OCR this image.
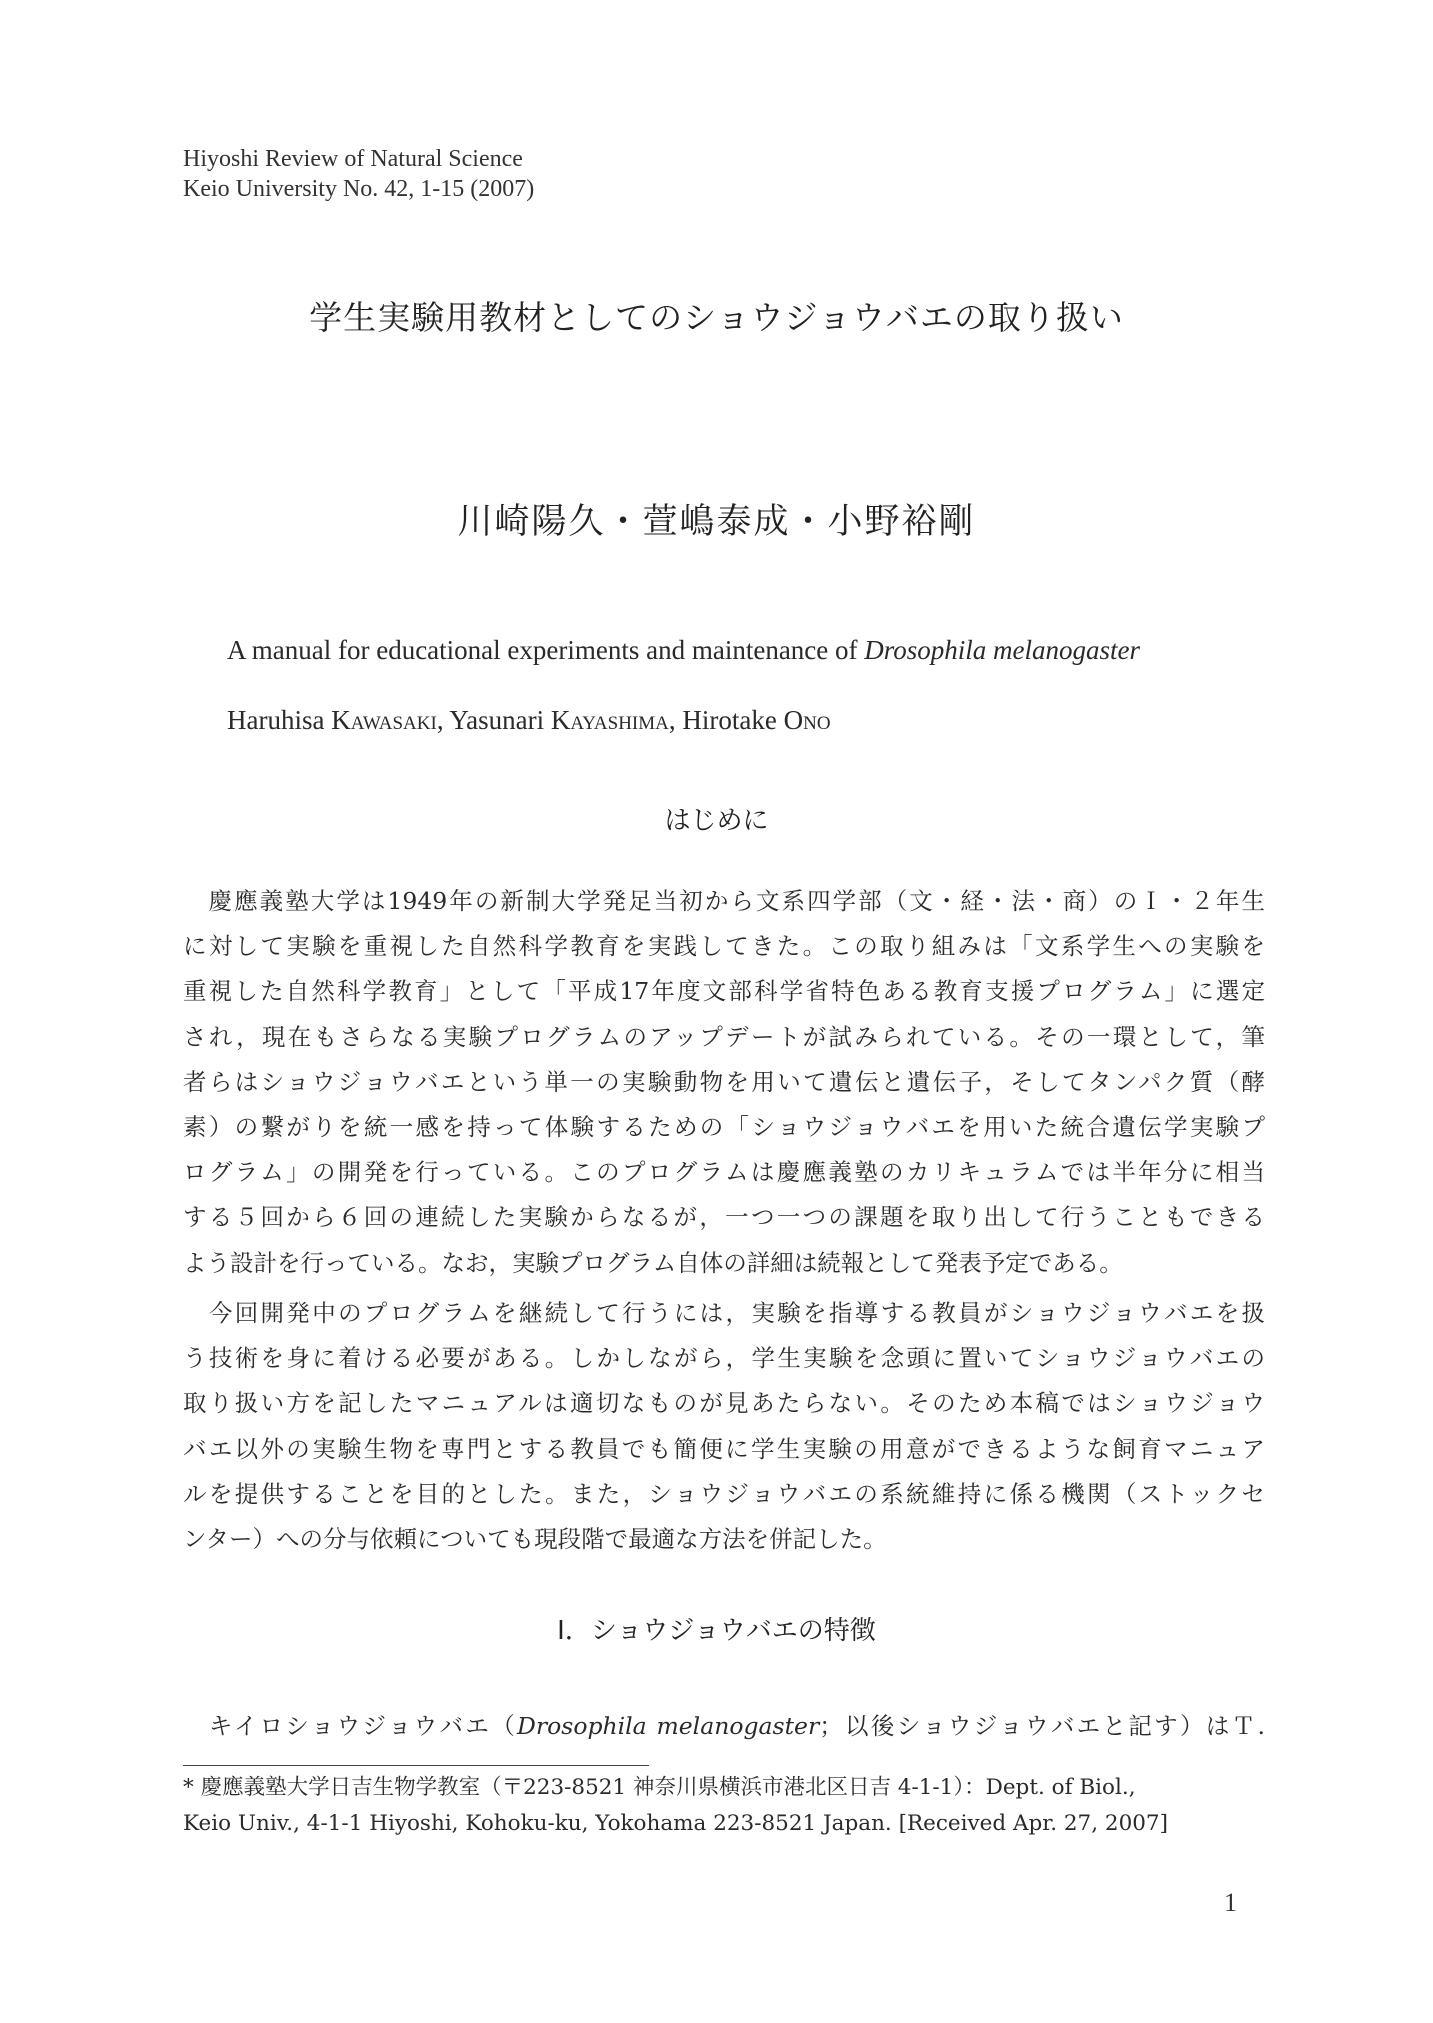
Hiyoshi Review of Natural Science
Keio University No. 42, 1-15 (2007)
学生実験用教材としてのショウジョウバエの取り扱い
川崎陽久・萱嶋泰成・小野裕剛
A manual for educational experiments and maintenance of Drosophila melanogaster
Haruhisa Kawasaki, Yasunari Kayashima, Hirotake Ono
はじめに
　慶應義塾大学は1949年の新制大学発足当初から文系四学部（文・経・法・商）のＩ・２年生
に対して実験を重視した自然科学教育を実践してきた。この取り組みは「文系学生への実験を
重視した自然科学教育」として「平成17年度文部科学省特色ある教育支援プログラム」に選定
され，現在もさらなる実験プログラムのアップデートが試みられている。その一環として，筆
者らはショウジョウバエという単一の実験動物を用いて遺伝と遺伝子，そしてタンパク質（酵
素）の繋がりを統一感を持って体験するための「ショウジョウバエを用いた統合遺伝学実験プ
ログラム」の開発を行っている。このプログラムは慶應義塾のカリキュラムでは半年分に相当
する５回から６回の連続した実験からなるが，一つ一つの課題を取り出して行うこともできる
よう設計を行っている。なお，実験プログラム自体の詳細は続報として発表予定である。
　今回開発中のプログラムを継続して行うには，実験を指導する教員がショウジョウバエを扱
う技術を身に着ける必要がある。しかしながら，学生実験を念頭に置いてショウジョウバエの
取り扱い方を記したマニュアルは適切なものが見あたらない。そのため本稿ではショウジョウ
バエ以外の実験生物を専門とする教員でも簡便に学生実験の用意ができるような飼育マニュア
ルを提供することを目的とした。また，ショウジョウバエの系統維持に係る機関（ストックセ
ンター）への分与依頼についても現段階で最適な方法を併記した。
Ⅰ．ショウジョウバエの特徴
　キイロショウジョウバエ（Drosophila melanogaster；以後ショウジョウバエと記す）はＴ.
* 慶應義塾大学日吉生物学教室（〒223-8521 神奈川県横浜市港北区日吉 4-1-1）：Dept. of Biol.,
Keio Univ., 4-1-1 Hiyoshi, Kohoku-ku, Yokohama 223-8521 Japan. [Received Apr. 27, 2007]
1
